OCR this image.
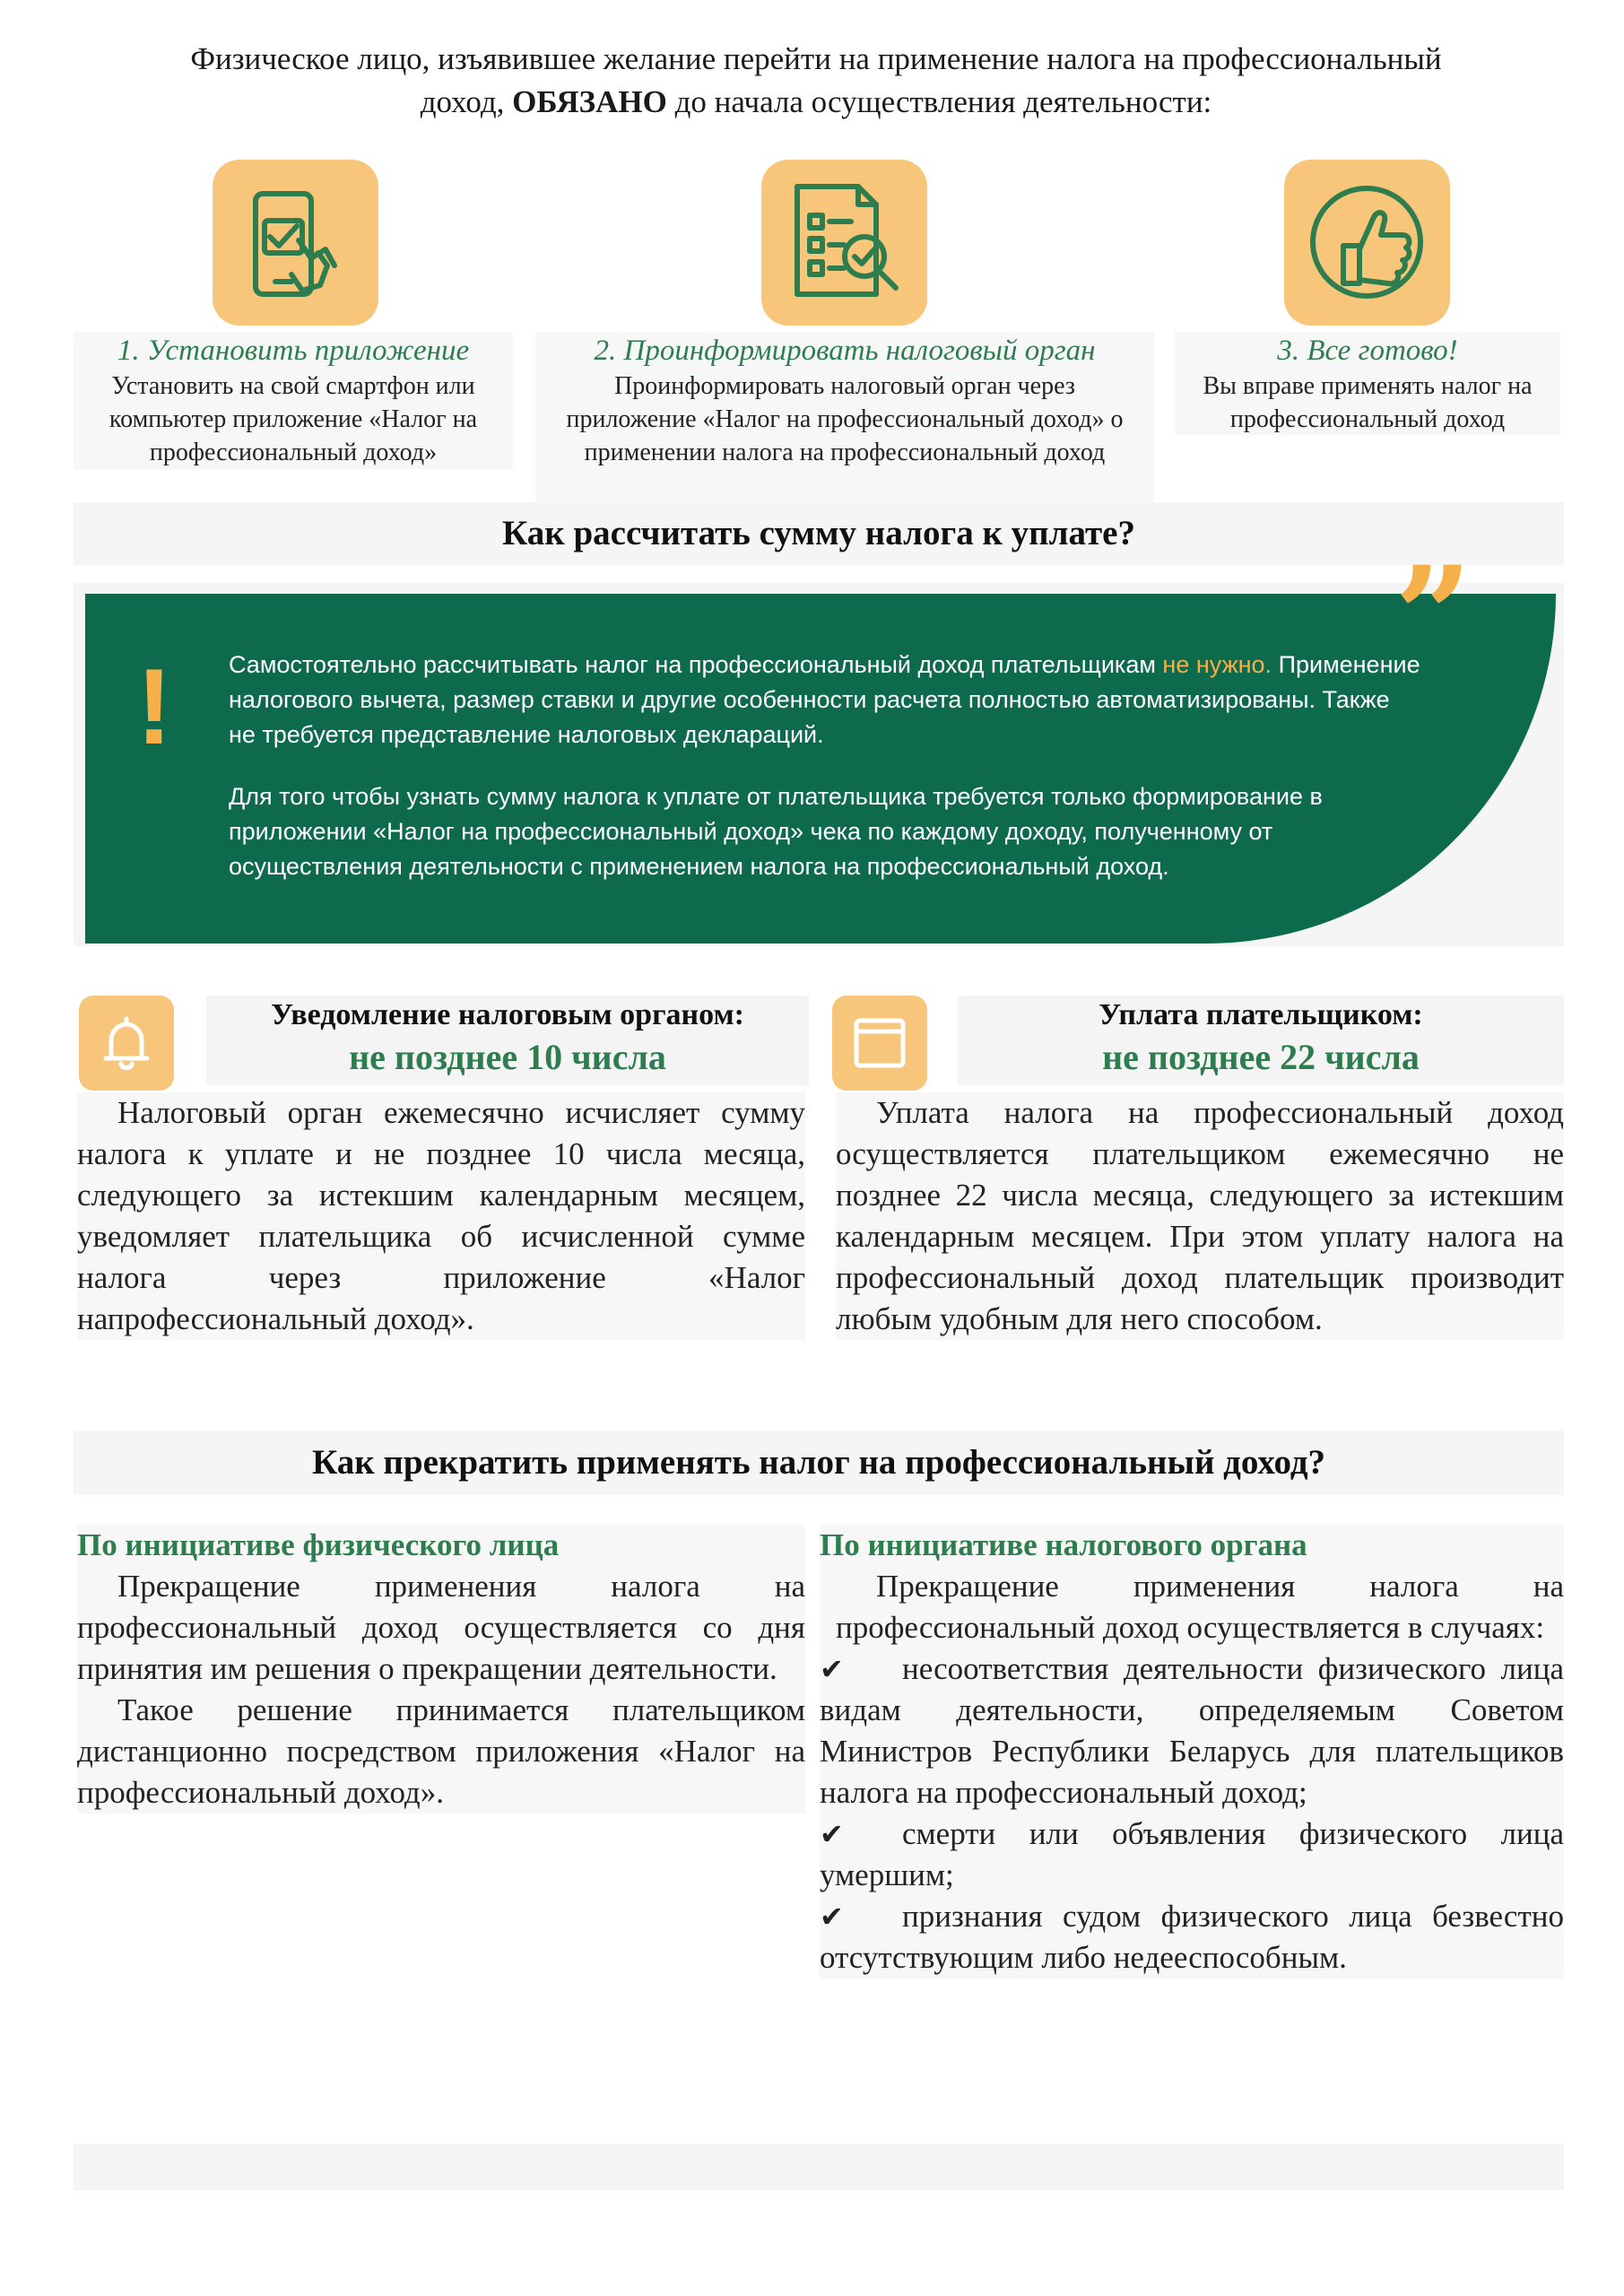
Физическое лицо, изъявившее желание перейти на применение налога на профессиональный
доход, ОБЯЗАНО до начала осуществления деятельности:
1. Установить приложение
Установить на свой смартфон или компьютер приложение «Налог на профессиональный доход»
2. Проинформировать налоговый орган
Проинформировать налоговый орган через приложение «Налог на профессиональный доход» о применении налога на профессиональный доход
3. Все готово!
Вы вправе применять налог на профессиональный доход
Как рассчитать сумму налога к уплате?
”
! Самостоятельно рассчитывать налог на профессиональный доход плательщикам не нужно. Применение налогового вычета, размер ставки и другие особенности расчета полностью автоматизированы. Также не требуется представление налоговых деклараций.

Для того чтобы узнать сумму налога к уплате от плательщика требуется только формирование в приложении «Налог на профессиональный доход» чека по каждому доходу, полученному от осуществления деятельности с применением налога на профессиональный доход.

Уведомление налоговым органом:
не позднее 10 числа

Налоговый орган ежемесячно исчисляет сумму налога к уплате и не позднее 10 числа месяца, следующего за истекшим календарным месяцем, уведомляет плательщика об исчисленной сумме налога через приложение «Налог напрофессиональный доход».

Уплата плательщиком:
не позднее 22 числа

Уплата налога на профессиональный доход осуществляется плательщиком ежемесячно не позднее 22 числа месяца, следующего за истекшим календарным месяцем. При этом уплату налога на профессиональный доход плательщик производит любым удобным для него способом.

Как прекратить применять налог на профессиональный доход?
По инициативе физического лица

Прекращение применения налога на профессиональный доход осуществляется со дня принятия им решения о прекращении деятельности.

Такое решение принимается плательщиком дистанционно посредством приложения «Налог на профессиональный доход».

По инициативе налогового органа

Прекращение применения налога на профессиональный доход осуществляется в случаях:

✔ несоответствия деятельности физического лица видам деятельности, определяемым Советом Министров Республики Беларусь для плательщиков налога на профессиональный доход;

✔ смерти или объявления физического лица умершим;

✔ признания судом физического лица безвестно отсутствующим либо недееспособным.
